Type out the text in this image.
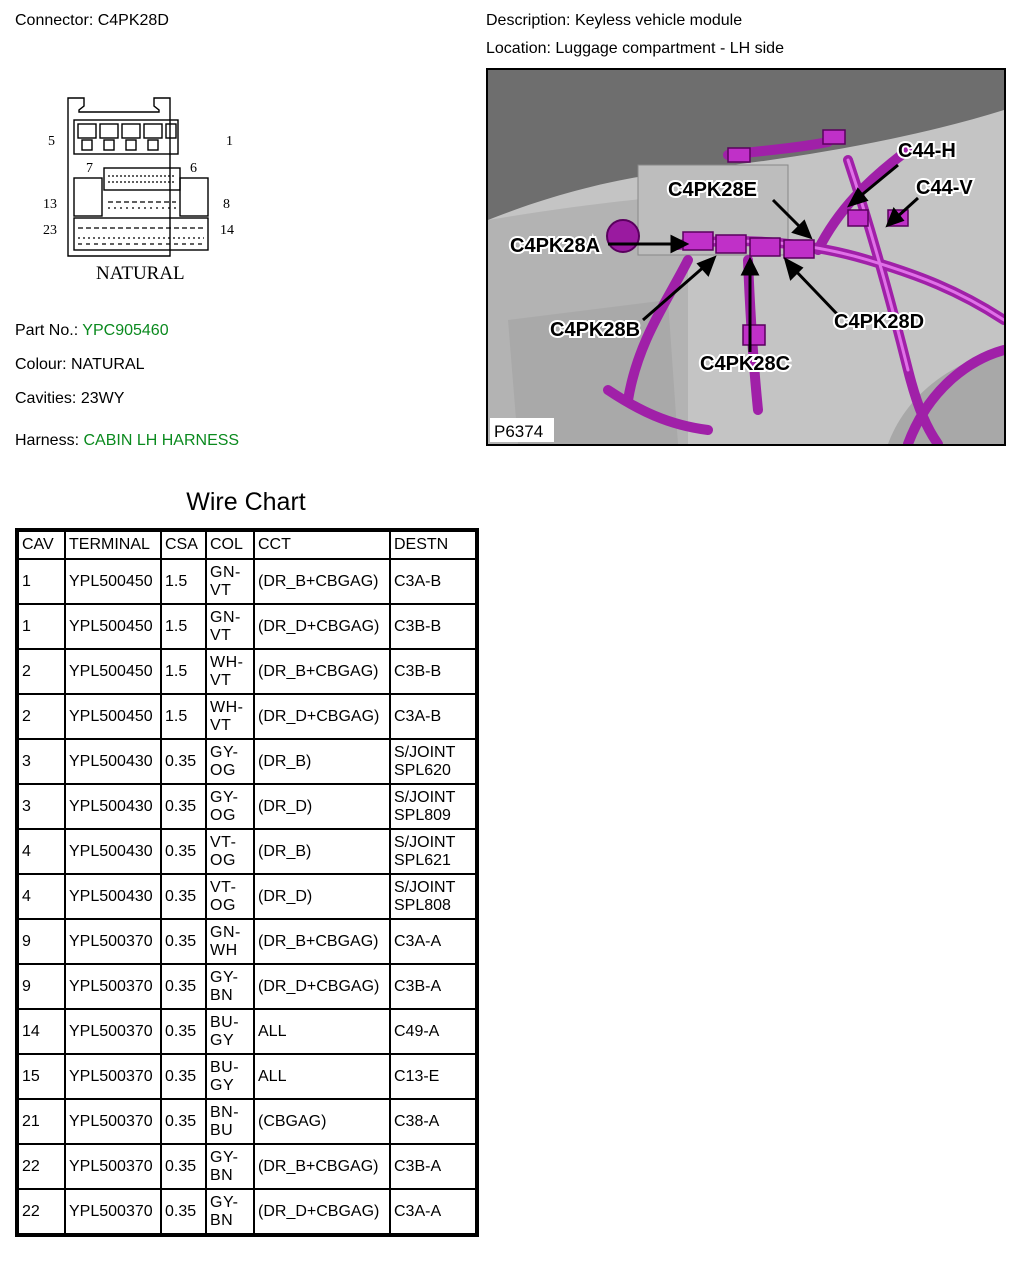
Connector: C4PK28D	Description: Keyless vehicle module
Location: Luggage compartment - LH side
5	1
7	6
13	8
23	14
NATURAL
C44-H
C44-V
C4PK28E
C4PK28A
C4PK28B
C4PK28C
C4PK28D
P6374
Part No.: YPC905460
Colour: NATURAL
Cavities: 23WY
Harness: CABIN LH HARNESS
Wire Chart
CAV	TERMINAL	CSA	COL	CCT	DESTN
1	YPL500450	1.5	GN-VT	(DR_B+CBGAG)	C3A-B
1	YPL500450	1.5	GN-VT	(DR_D+CBGAG)	C3B-B
2	YPL500450	1.5	WH-VT	(DR_B+CBGAG)	C3B-B
2	YPL500450	1.5	WH-VT	(DR_D+CBGAG)	C3A-B
3	YPL500430	0.35	GY-OG	(DR_B)	S/JOINT SPL620
3	YPL500430	0.35	GY-OG	(DR_D)	S/JOINT SPL809
4	YPL500430	0.35	VT-OG	(DR_B)	S/JOINT SPL621
4	YPL500430	0.35	VT-OG	(DR_D)	S/JOINT SPL808
9	YPL500370	0.35	GN-WH	(DR_B+CBGAG)	C3A-A
9	YPL500370	0.35	GY-BN	(DR_D+CBGAG)	C3B-A
14	YPL500370	0.35	BU-GY	ALL	C49-A
15	YPL500370	0.35	BU-GY	ALL	C13-E
21	YPL500370	0.35	BN-BU	(CBGAG)	C38-A
22	YPL500370	0.35	GY-BN	(DR_B+CBGAG)	C3B-A
22	YPL500370	0.35	GY-BN	(DR_D+CBGAG)	C3A-A
